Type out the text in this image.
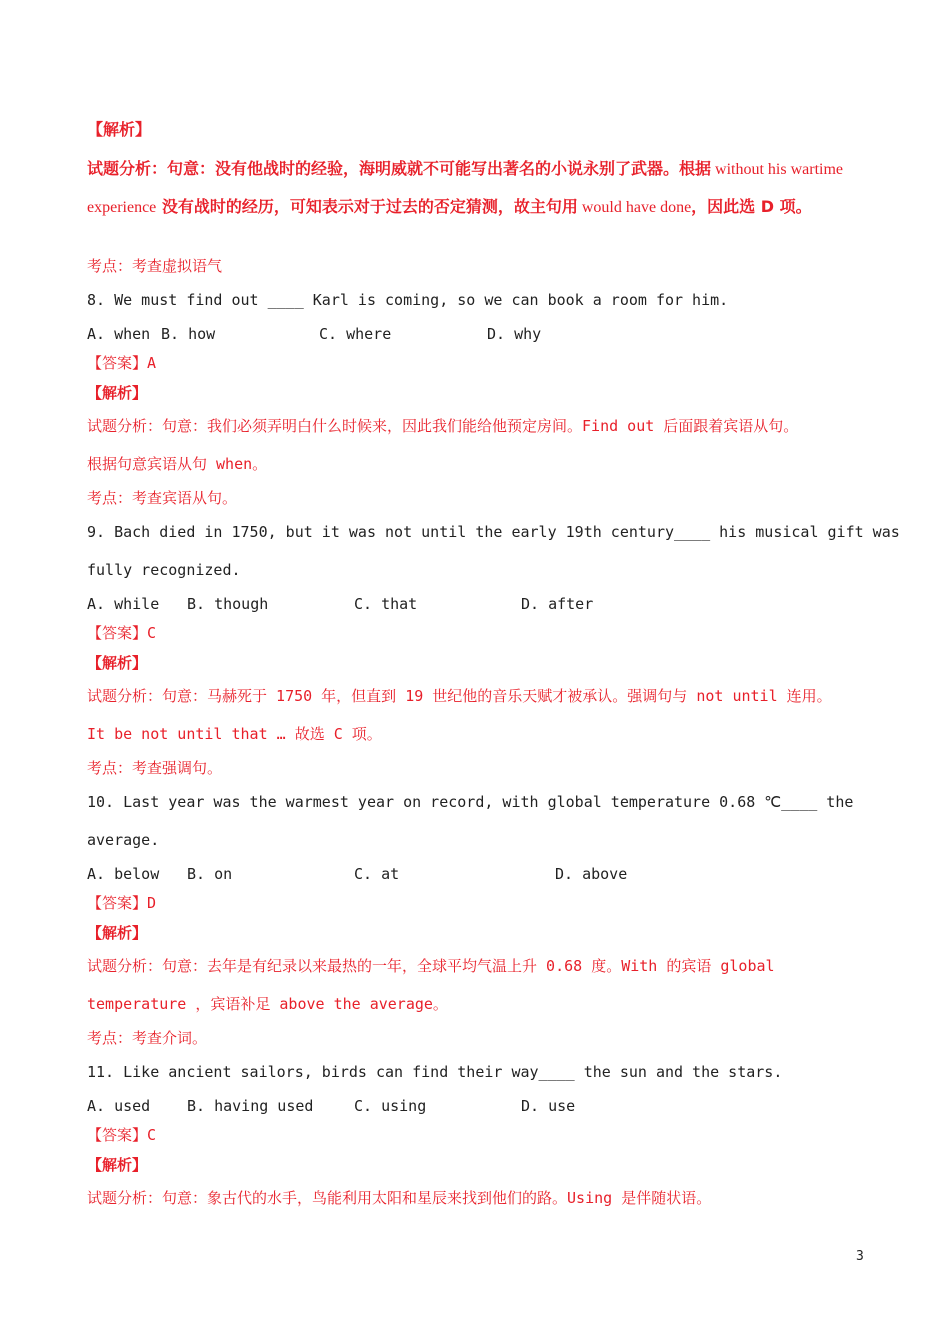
【解析】
试题分析：句意：没有他战时的经验，海明威就不可能写出著名的小说永别了武器。根据 without his wartime
experience 没有战时的经历，可知表示对于过去的否定猜测，故主句用 would have done，因此选 D 项。
考点：考查虚拟语气
8. We must find out ____ Karl is coming, so we can book a room for him.
A. when B. how	C. where	D. why
【答案】A
【解析】
试题分析：句意：我们必须弄明白什么时候来，因此我们能给他预定房间。Find out 后面跟着宾语从句。
根据句意宾语从句 when。
考点：考查宾语从句。
9. Bach died in 1750, but it was not until the early 19th century____ his musical gift was
fully recognized.
A. while B. though	C. that	D. after
【答案】C
【解析】
试题分析：句意：马赫死于 1750 年，但直到 19 世纪他的音乐天赋才被承认。强调句与 not until 连用。
It be not until that … 故选 C 项。
考点：考查强调句。
10. Last year was the warmest year on record, with global temperature 0.68 ℃____ the
average.
A. below B. on	C. at	D. above
【答案】D
【解析】
试题分析：句意：去年是有纪录以来最热的一年，全球平均气温上升 0.68 度。With 的宾语 global
temperature ，宾语补足 above the average。
考点：考查介词。
11. Like ancient sailors, birds can find their way____ the sun and the stars.
A. used B. having used	C. using	D. use
【答案】C
【解析】
试题分析：句意：象古代的水手，鸟能利用太阳和星辰来找到他们的路。Using 是伴随状语。
3
